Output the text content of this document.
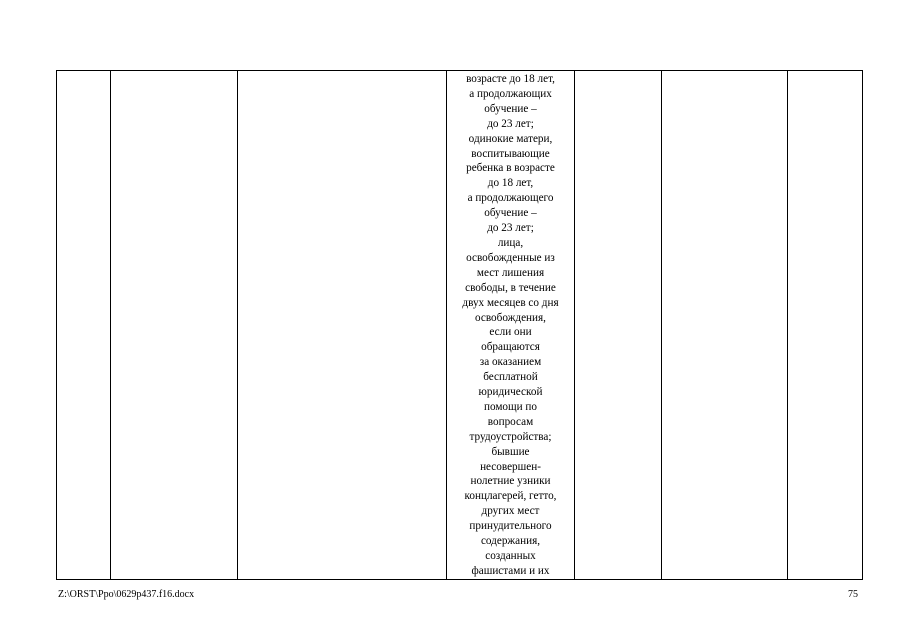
возрасте до 18 лет,
а продолжающих
обучение –
до 23 лет;
одинокие матери,
воспитывающие
ребенка в возрасте
до 18 лет,
а продолжающего
обучение –
до 23 лет;
лица,
освобожденные из
мест лишения
свободы, в течение
двух месяцев со дня
освобождения,
если они
обращаются
за оказанием
бесплатной
юридической
помощи по
вопросам
трудоустройства;
бывшие
несовершен-
нолетние узники
концлагерей, гетто,
других мест
принудительного
содержания,
созданных
фашистами и их

Z:\ORST\Ppo\0629p437.f16.docx	75
